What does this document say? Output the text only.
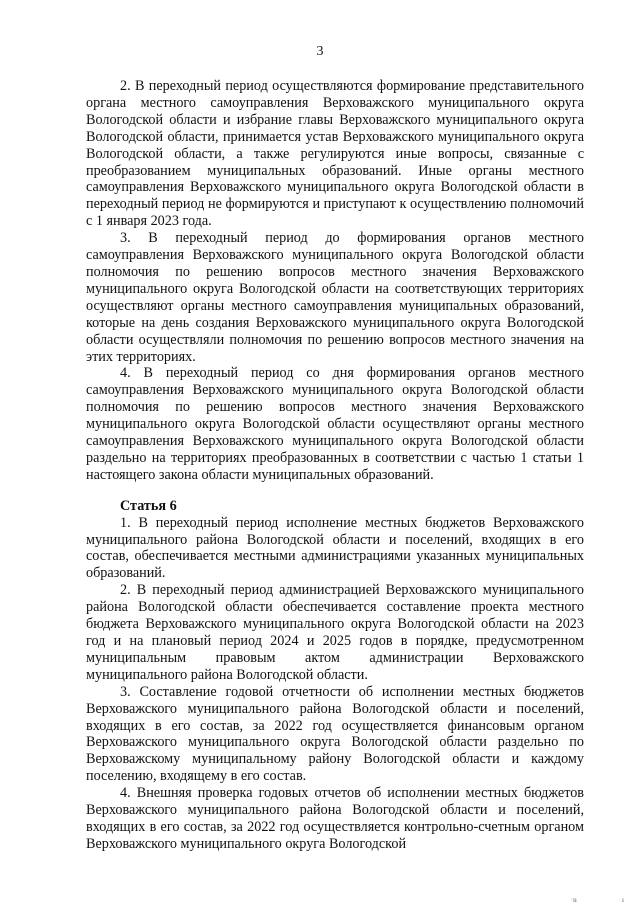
3

2. В переходный период осуществляются формирование представительного органа местного самоуправления Верховажского муниципального округа Вологодской области и избрание главы Верховажского муниципального округа Вологодской области, принимается устав Верховажского муниципального округа Вологодской области, а также регулируются иные вопросы, связанные с преобразованием муниципальных образований. Иные органы местного самоуправления Верховажского муниципального округа Вологодской области в переходный период не формируются и приступают к осуществлению полномочий с 1 января 2023 года.

3. В переходный период до формирования органов местного самоуправления Верховажского муниципального округа Вологодской области полномочия по решению вопросов местного значения Верховажского муниципального округа Вологодской области на соответствующих территориях осуществляют органы местного самоуправления муниципальных образований, которые на день создания Верховажского муниципального округа Вологодской области осуществляли полномочия по решению вопросов местного значения на этих территориях.

4. В переходный период со дня формирования органов местного самоуправления Верховажского муниципального округа Вологодской области полномочия по решению вопросов местного значения Верховажского муниципального округа Вологодской области осуществляют органы местного самоуправления Верховажского муниципального округа Вологодской области раздельно на территориях преобразованных в соответствии с частью 1 статьи 1 настоящего закона области муниципальных образований.

Статья 6

1. В переходный период исполнение местных бюджетов Верховажского муниципального района Вологодской области и поселений, входящих в его состав, обеспечивается местными администрациями указанных муниципальных образований.

2. В переходный период администрацией Верховажского муниципального района Вологодской области обеспечивается составление проекта местного бюджета Верховажского муниципального округа Вологодской области на 2023 год и на плановый период 2024 и 2025 годов в порядке, предусмотренном муниципальным правовым актом администрации Верховажского муниципального района Вологодской области.

3. Составление годовой отчетности об исполнении местных бюджетов Верховажского муниципального района Вологодской области и поселений, входящих в его состав, за 2022 год осуществляется финансовым органом Верховажского муниципального округа Вологодской области раздельно по Верховажскому муниципальному району Вологодской области и каждому поселению, входящему в его состав.

4. Внешняя проверка годовых отчетов об исполнении местных бюджетов Верховажского муниципального района Вологодской области и поселений, входящих в его состав, за 2022 год осуществляется контрольно-счетным органом Верховажского муниципального округа Вологодской

ˑıı	ı
